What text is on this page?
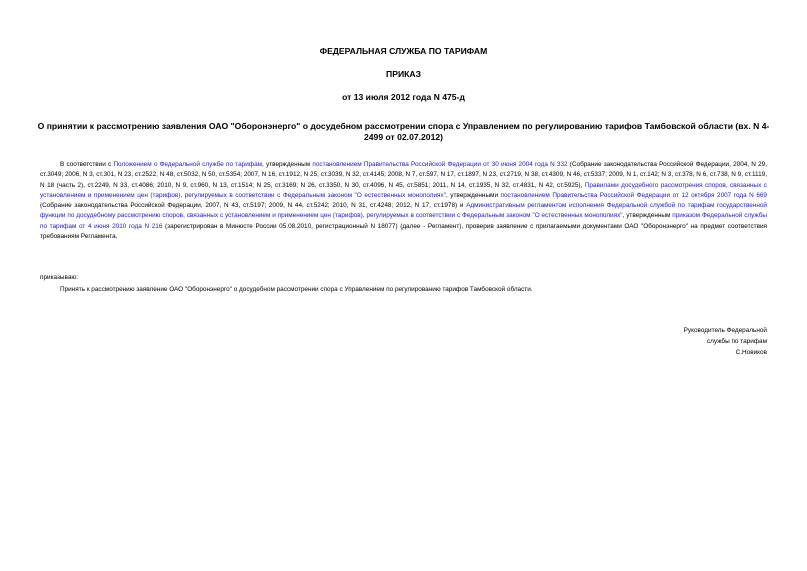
ФЕДЕРАЛЬНАЯ СЛУЖБА ПО ТАРИФАМ
ПРИКАЗ
от 13 июля 2012 года N 475-д
О принятии к рассмотрению заявления ОАО "Оборонэнерго" о досудебном рассмотрении спора с Управлением по регулированию тарифов Тамбовской области (вх. N 4-2499 от 02.07.2012)

В соответствии с Положением о Федеральной службе по тарифам, утвержденным постановлением Правительства Российской Федерации от 30 июня 2004 года N 332 (Собрание законодательства Российской Федерации, 2004, N 29, ст.3049; 2006, N 3, ст.301, N 23, ст.2522, N 48, ст.5032, N 50, ст.5354; 2007, N 16, ст.1912, N 25, ст.3039, N 32, ст.4145; 2008, N 7, ст.597, N 17, ст.1897, N 23, ст.2719, N 38, ст.4309, N 46, ст.5337; 2009, N 1, ст.142; N 3, ст.378, N 6, ст.738, N 9, ст.1119, N 18 (часть 2), ст.2249, N 33, ст.4086; 2010, N 9, ст.960, N 13, ст.1514; N 25, ст.3169; N 26, ст.3350, N 30, ст.4096, N 45, ст.5851; 2011, N 14, ст.1935, N 32, ст.4831, N 42, ст.5925), Правилами досудебного рассмотрения споров, связанных с установлением и применением цен (тарифов), регулируемых в соответствии с Федеральным законом "О естественных монополиях", утвержденными постановлением Правительства Российской Федерации от 12 октября 2007 года N 669 (Собрание законодательства Российской Федерации, 2007, N 43, ст.5197; 2009, N 44, ст.5242; 2010, N 31, ст.4248; 2012, N 17, ст.1978) и Административным регламентом исполнения Федеральной службой по тарифам государственной функции по досудебному рассмотрению споров, связанных с установлением и применением цен (тарифов), регулируемых в соответствии с Федеральным законом "О естественных монополиях", утвержденным приказом Федеральной службы по тарифам от 4 июня 2010 года N 216 (зарегистрирован в Минюсте России 05.08.2010, регистрационный N 18077) (далее - Регламент), проверив заявление с прилагаемыми документами ОАО "Оборонэнерго" на предмет соответствия требованиям Регламента,

приказываю:
Принять к рассмотрению заявление ОАО "Оборонэнерго" о досудебном рассмотрении спора с Управлением по регулированию тарифов Тамбовской области.
Руководитель Федеральной
службы по тарифам
С.Новиков
